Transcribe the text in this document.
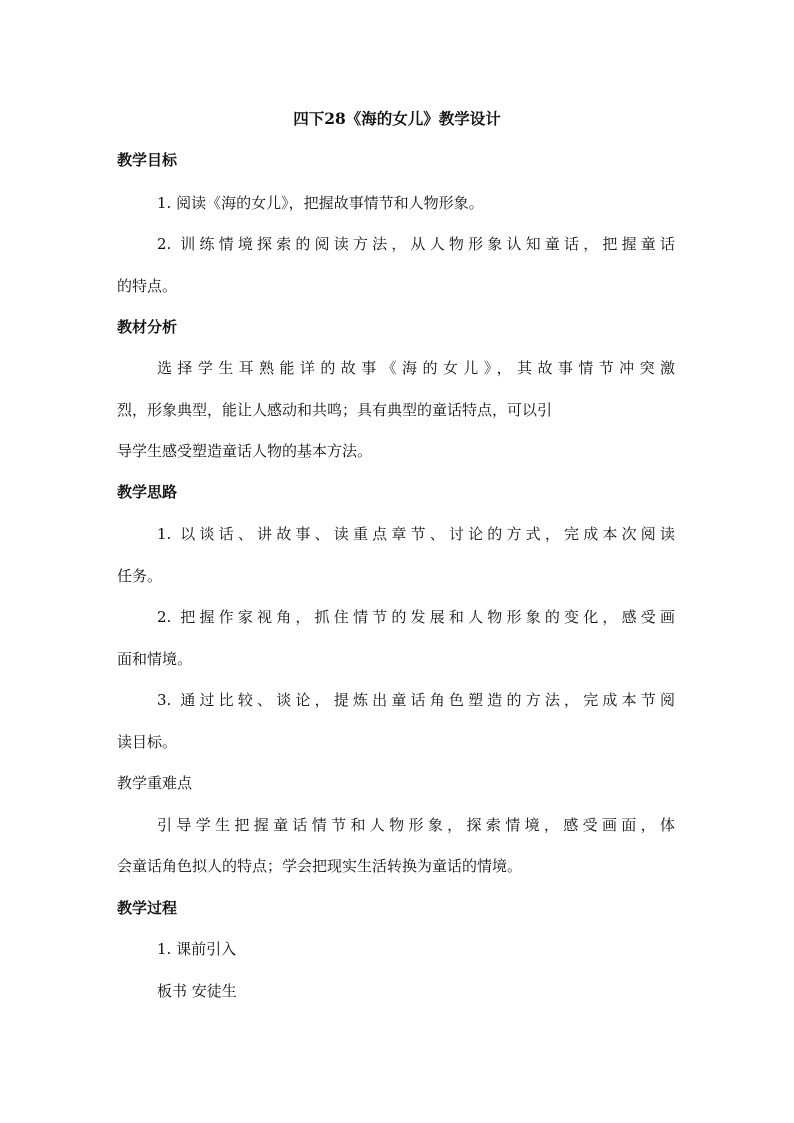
四下28《海的女儿》教学设计
教学目标
1. 阅读《海的女儿》，把握故事情节和人物形象。
2. 训练情境探索的阅读方法，从人物形象认知童话，把握童话
的特点。
教材分析
选择学生耳熟能详的故事《海的女儿》，其故事情节冲突激
烈，形象典型，能让人感动和共鸣；具有典型的童话特点，可以引
导学生感受塑造童话人物的基本方法。
教学思路
1. 以谈话、讲故事、读重点章节、讨论的方式，完成本次阅读
任务。
2. 把握作家视角，抓住情节的发展和人物形象的变化，感受画
面和情境。
3. 通过比较、谈论，提炼出童话角色塑造的方法，完成本节阅
读目标。
教学重难点
引导学生把握童话情节和人物形象，探索情境，感受画面，体
会童话角色拟人的特点；学会把现实生活转换为童话的情境。
教学过程
1. 课前引入
板书 安徒生
